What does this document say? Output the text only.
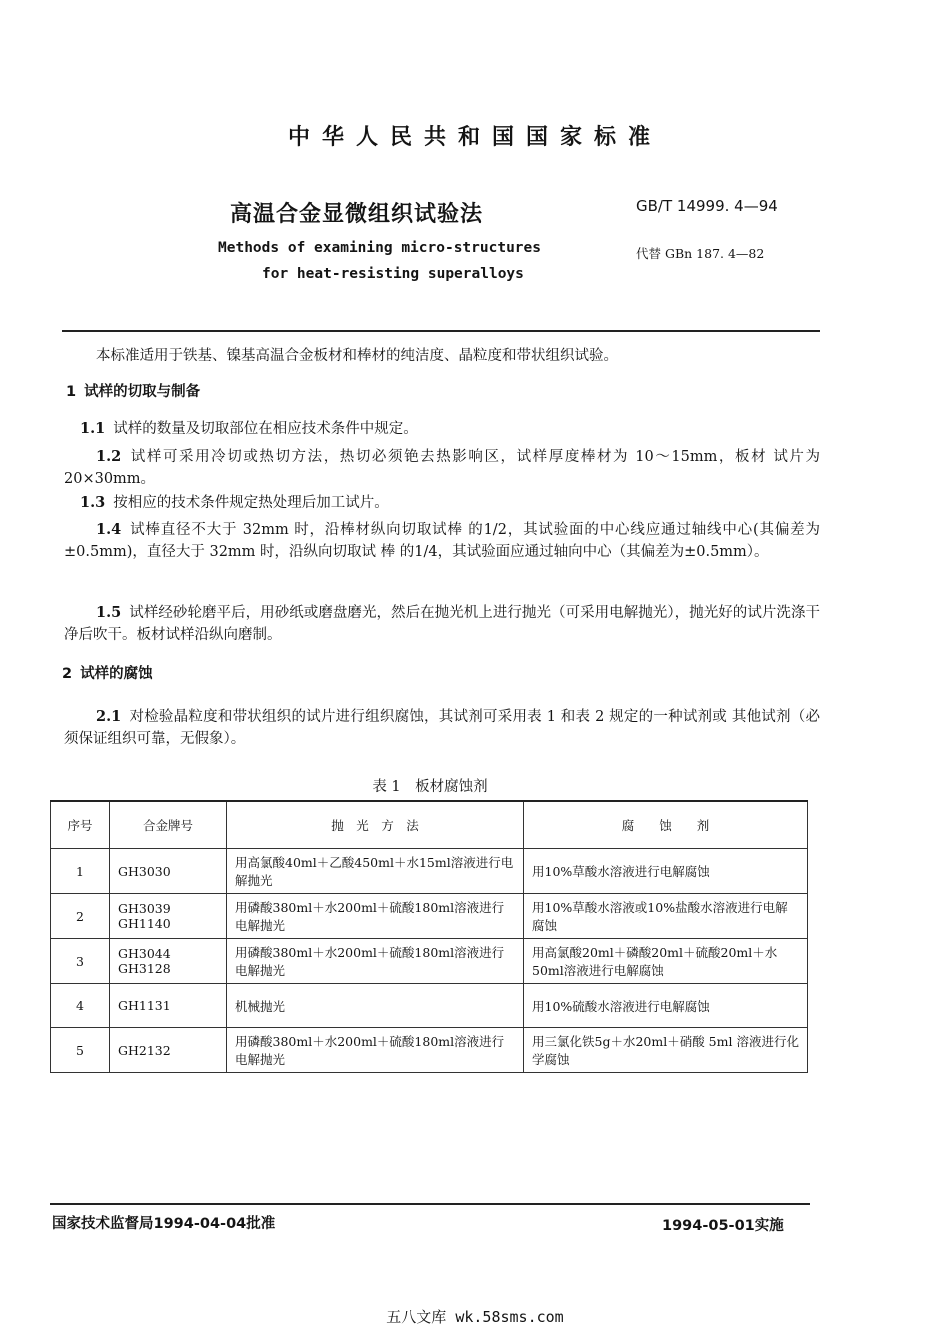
中华人民共和国国家标准
高温合金显微组织试验法
Methods of examining micro-structures
for heat-resisting superalloys
GB/T 14999. 4—94
代替 GBn 187. 4—82
本标准适用于铁基、镍基高温合金板材和棒材的纯洁度、晶粒度和带状组织试验。
1 试样的切取与制备
1.1 试样的数量及切取部位在相应技术条件中规定。
1.2 试样可采用冷切或热切方法，热切必须铯去热影响区，试样厚度棒材为 10～15mm，板材 试片为 20×30mm。
1.3 按相应的技术条件规定热处理后加工试片。
1.4 试棒直径不大于 32mm 时，沿棒材纵向切取试棒 的1/2，其试验面的中心线应通过轴线中心(其偏差为±0.5mm)，直径大于 32mm 时，沿纵向切取试 棒 的1/4，其试验面应通过轴向中心（其偏差为±0.5mm）。
1.5 试样经砂轮磨平后，用砂纸或磨盘磨光，然后在抛光机上进行抛光（可采用电解抛光），抛光好的试片洗涤干净后吹干。板材试样沿纵向磨制。
2 试样的腐蚀
2.1 对检验晶粒度和带状组织的试片进行组织腐蚀，其试剂可采用表 1 和表 2 规定的一种试剂或 其他试剂（必须保证组织可靠，无假象）。
表 1　板材腐蚀剂
序号	合金牌号	抛　光　方　法	腐　　蚀　　剂
1	GH3030	用高氯酸40ml＋乙酸450ml＋水15ml溶液进行电解抛光	用10%草酸水溶液进行电解腐蚀
2	GH3039 GH1140	用磷酸380ml＋水200ml＋硫酸180ml溶液进行电解抛光	用10%草酸水溶液或10%盐酸水溶液进行电解腐蚀
3	GH3044 GH3128	用磷酸380ml＋水200ml＋硫酸180ml溶液进行电解抛光	用高氯酸20ml＋磷酸20ml＋硫酸20ml＋水50ml溶液进行电解腐蚀
4	GH1131	机械抛光	用10%硫酸水溶液进行电解腐蚀
5	GH2132	用磷酸380ml＋水200ml＋硫酸180ml溶液进行电解抛光	用三氯化铁5g＋水20ml＋硝酸 5ml 溶液进行化学腐蚀
国家技术监督局1994-04-04批准	1994-05-01实施
五八文库 wk.58sms.com
